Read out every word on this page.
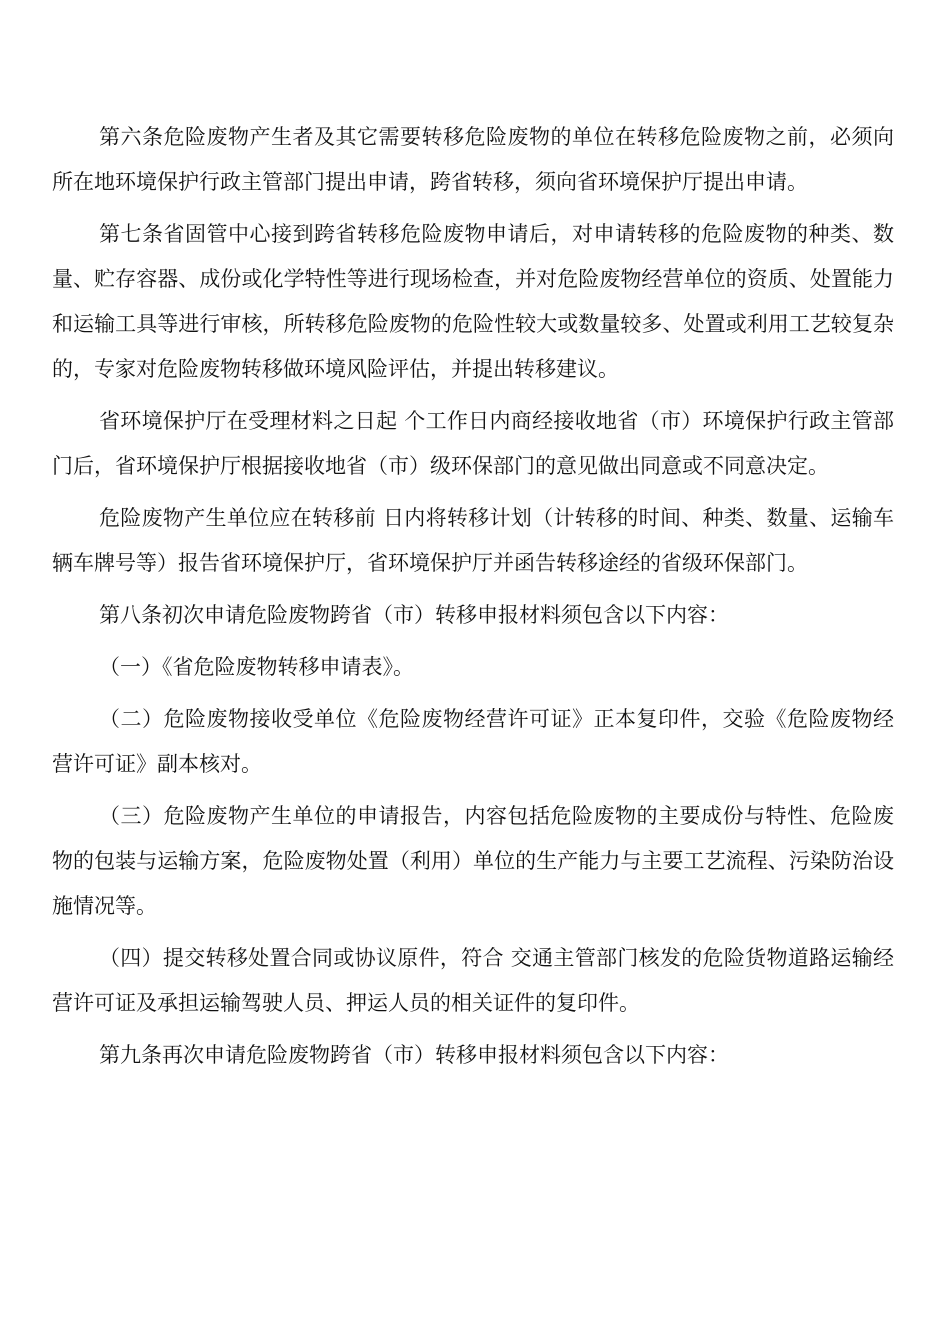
第六条危险废物产生者及其它需要转移危险废物的单位在转移危险废物之前，必须向所在地环境保护行政主管部门提出申请，跨省转移，须向省环境保护厅提出申请。

第七条省固管中心接到跨省转移危险废物申请后，对申请转移的危险废物的种类、数量、贮存容器、成份或化学特性等进行现场检查，并对危险废物经营单位的资质、处置能力和运输工具等进行审核，所转移危险废物的危险性较大或数量较多、处置或利用工艺较复杂的，专家对危险废物转移做环境风险评估，并提出转移建议。

省环境保护厅在受理材料之日起 个工作日内商经接收地省（市）环境保护行政主管部门后，省环境保护厅根据接收地省（市）级环保部门的意见做出同意或不同意决定。

危险废物产生单位应在转移前 日内将转移计划（计转移的时间、种类、数量、运输车辆车牌号等）报告省环境保护厅，省环境保护厅并函告转移途经的省级环保部门。

第八条初次申请危险废物跨省（市）转移申报材料须包含以下内容：

（一）《省危险废物转移申请表》。

（二）危险废物接收受单位《危险废物经营许可证》正本复印件，交验《危险废物经营许可证》副本核对。

（三）危险废物产生单位的申请报告，内容包括危险废物的主要成份与特性、危险废物的包装与运输方案，危险废物处置（利用）单位的生产能力与主要工艺流程、污染防治设施情况等。

（四）提交转移处置合同或协议原件，符合 交通主管部门核发的危险货物道路运输经营许可证及承担运输驾驶人员、押运人员的相关证件的复印件。

第九条再次申请危险废物跨省（市）转移申报材料须包含以下内容：
